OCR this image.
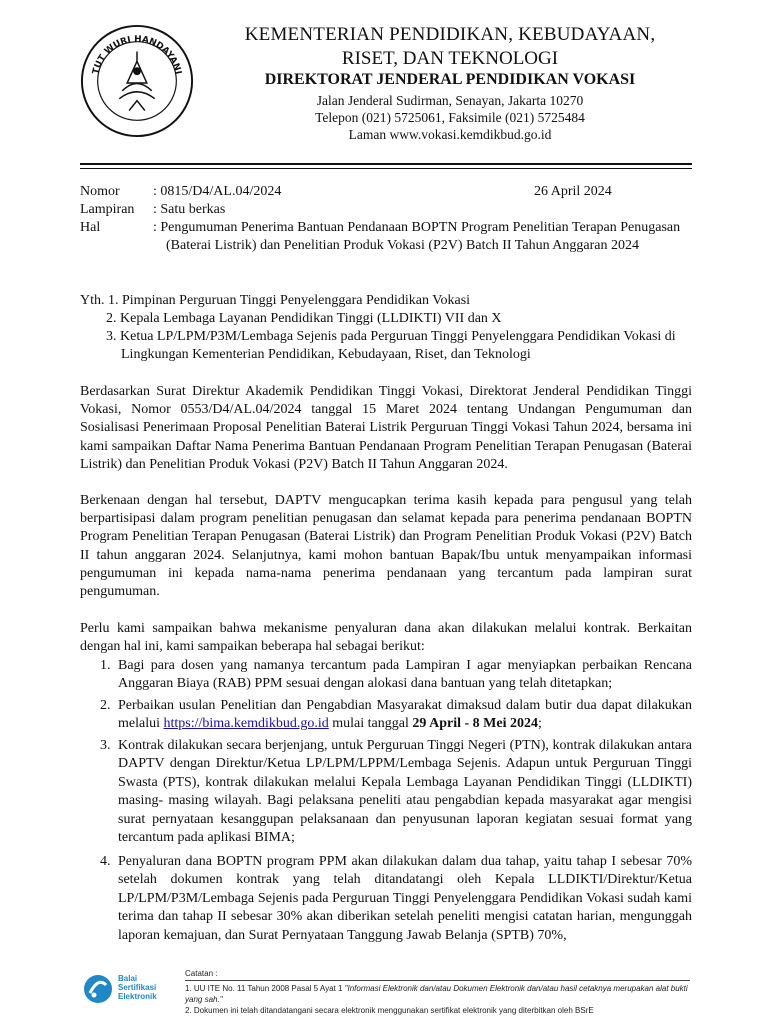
TUT WURI HANDAYANI
KEMENTERIAN PENDIDIKAN, KEBUDAYAAN,
RISET, DAN TEKNOLOGI
DIREKTORAT JENDERAL PENDIDIKAN VOKASI
Jalan Jenderal Sudirman, Senayan, Jakarta 10270
Telepon (021) 5725061, Faksimile (021) 5725484
Laman www.vokasi.kemdikbud.go.id
Nomor : 0815/D4/AL.04/2024	26 April 2024
Lampiran : Satu berkas
Hal	: Pengumuman Penerima Bantuan Pendanaan BOPTN Program Penelitian Terapan Penugasan
(Baterai Listrik) dan Penelitian Produk Vokasi (P2V) Batch II Tahun Anggaran 2024
Yth. 1. Pimpinan Perguruan Tinggi Penyelenggara Pendidikan Vokasi
2. Kepala Lembaga Layanan Pendidikan Tinggi (LLDIKTI) VII dan X
3. Ketua LP/LPM/P3M/Lembaga Sejenis pada Perguruan Tinggi Penyelenggara Pendidikan Vokasi di
Lingkungan Kementerian Pendidikan, Kebudayaan, Riset, dan Teknologi
Berdasarkan Surat Direktur Akademik Pendidikan Tinggi Vokasi, Direktorat Jenderal Pendidikan Tinggi Vokasi, Nomor 0553/D4/AL.04/2024 tanggal 15 Maret 2024 tentang Undangan Pengumuman dan Sosialisasi Penerimaan Proposal Penelitian Baterai Listrik Perguruan Tinggi Vokasi Tahun 2024, bersama ini kami sampaikan Daftar Nama Penerima Bantuan Pendanaan Program Penelitian Terapan Penugasan (Baterai Listrik) dan Penelitian Produk Vokasi (P2V) Batch II Tahun Anggaran 2024.
Berkenaan dengan hal tersebut, DAPTV mengucapkan terima kasih kepada para pengusul yang telah berpartisipasi dalam program penelitian penugasan dan selamat kepada para penerima pendanaan BOPTN Program Penelitian Terapan Penugasan (Baterai Listrik) dan Program Penelitian Produk Vokasi (P2V) Batch II tahun anggaran 2024. Selanjutnya, kami mohon bantuan Bapak/Ibu untuk menyampaikan informasi pengumuman ini kepada nama-nama penerima pendanaan yang tercantum pada lampiran surat pengumuman.
Perlu kami sampaikan bahwa mekanisme penyaluran dana akan dilakukan melalui kontrak. Berkaitan dengan hal ini, kami sampaikan beberapa hal sebagai berikut:
1. Bagi para dosen yang namanya tercantum pada Lampiran I agar menyiapkan perbaikan Rencana Anggaran Biaya (RAB) PPM sesuai dengan alokasi dana bantuan yang telah ditetapkan;
2. Perbaikan usulan Penelitian dan Pengabdian Masyarakat dimaksud dalam butir dua dapat dilakukan melalui https://bima.kemdikbud.go.id mulai tanggal 29 April - 8 Mei 2024;
3. Kontrak dilakukan secara berjenjang, untuk Perguruan Tinggi Negeri (PTN), kontrak dilakukan antara DAPTV dengan Direktur/Ketua LP/LPM/LPPM/Lembaga Sejenis. Adapun untuk Perguruan Tinggi Swasta (PTS), kontrak dilakukan melalui Kepala Lembaga Layanan Pendidikan Tinggi (LLDIKTI) masing- masing wilayah. Bagi pelaksana peneliti atau pengabdian kepada masyarakat agar mengisi surat pernyataan kesanggupan pelaksanaan dan penyusunan laporan kegiatan sesuai format yang tercantum pada aplikasi BIMA;
4. Penyaluran dana BOPTN program PPM akan dilakukan dalam dua tahap, yaitu tahap I sebesar 70% setelah dokumen kontrak yang telah ditandatangi oleh Kepala LLDIKTI/Direktur/Ketua LP/LPM/P3M/Lembaga Sejenis pada Perguruan Tinggi Penyelenggara Pendidikan Vokasi sudah kami terima dan tahap II sebesar 30% akan diberikan setelah peneliti mengisi catatan harian, mengunggah laporan kemajuan, dan Surat Pernyataan Tanggung Jawab Belanja (SPTB) 70%,
Balai
Sertifikasi
Elektronik
Catatan :
1. UU ITE No. 11 Tahun 2008 Pasal 5 Ayat 1 "Informasi Elektronik dan/atau Dokumen Elektronik dan/atau hasil cetaknya merupakan alat bukti yang sah."
2. Dokumen ini telah ditandatangani secara elektronik menggunakan sertifikat elektronik yang diterbitkan oleh BSrE
